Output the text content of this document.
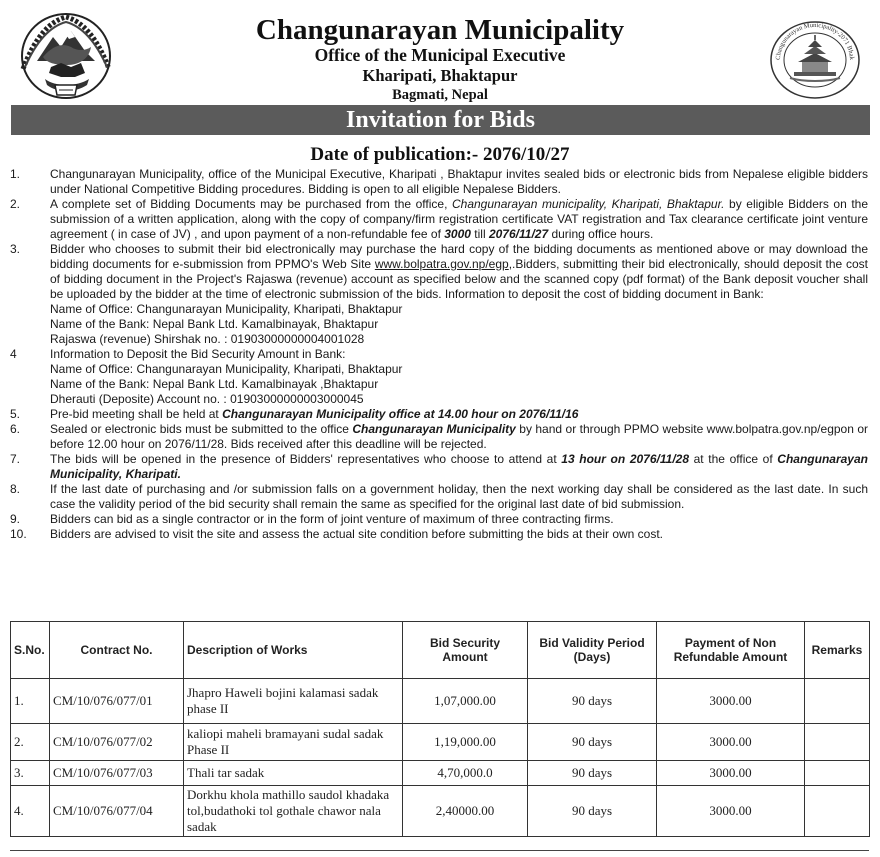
Changunarayan Municipality
Office of the Municipal Executive
Kharipati, Bhaktapur
Bagmati, Nepal
Changunarayan Municipality-2071 Bhak
Invitation for Bids
Date of publication:- 2076/10/27
1.	Changunarayan Municipality, office of the Municipal Executive, Kharipati , Bhaktapur invites sealed bids or electronic bids from Nepalese eligible bidders under National Competitive Bidding procedures. Bidding is open to all eligible Nepalese Bidders.
2.	A complete set of Bidding Documents may be purchased from the office, Changunarayan municipality, Kharipati, Bhaktapur. by eligible Bidders on the submission of a written application, along with the copy of company/firm registration certificate VAT registration and Tax clearance certificate joint venture agreement ( in case of JV) , and upon payment of a non-refundable fee of 3000 till 2076/11/27 during office hours.
3.	Bidder who chooses to submit their bid electronically may purchase the hard copy of the bidding documents as mentioned above or may download the bidding documents for e-submission from PPMO's Web Site www.bolpatra.gov.np/egp,.Bidders, submitting their bid electronically, should deposit the cost of bidding document in the Project's Rajaswa (revenue) account as specified below and the scanned copy (pdf format) of the Bank deposit voucher shall be uploaded by the bidder at the time of electronic submission of the bids. Information to deposit the cost of bidding document in Bank:
Name of Office: Changunarayan Municipality, Kharipati, Bhaktapur
Name of the Bank: Nepal Bank Ltd. Kamalbinayak, Bhaktapur
Rajaswa (revenue) Shirshak no. : 01903000000004001028
4	Information to Deposit the Bid Security Amount in Bank:
Name of Office: Changunarayan Municipality, Kharipati, Bhaktapur
Name of the Bank: Nepal Bank Ltd. Kamalbinayak ,Bhaktapur
Dherauti (Deposite) Account no. : 01903000000003000045
5.	Pre-bid meeting shall be held at Changunarayan Municipality office at 14.00 hour on 2076/11/16
6.	Sealed or electronic bids must be submitted to the office Changunarayan Municipality by hand or through PPMO website www.bolpatra.gov.np/egpon or before 12.00 hour on 2076/11/28. Bids received after this deadline will be rejected.
7.	The bids will be opened in the presence of Bidders' representatives who choose to attend at 13 hour on 2076/11/28 at the office of Changunarayan Municipality, Kharipati.
8.	If the last date of purchasing and /or submission falls on a government holiday, then the next working day shall be considered as the last date. In such case the validity period of the bid security shall remain the same as specified for the original last date of bid submission.
9.	Bidders can bid as a single contractor or in the form of joint venture of maximum of three contracting firms.
10.	Bidders are advised to visit the site and assess the actual site condition before submitting the bids at their own cost.
S.No.	Contract No.	Description of Works	Bid Security Amount	Bid Validity Period (Days)	Payment of Non Refundable Amount	Remarks
1.	CM/10/076/077/01	Jhapro Haweli bojini kalamasi sadak phase II	1,07,000.00	90 days	3000.00	
2.	CM/10/076/077/02	kaliopi maheli bramayani sudal sadak Phase II	1,19,000.00	90 days	3000.00	
3.	CM/10/076/077/03	Thali tar sadak	4,70,000.0	90 days	3000.00	
4.	CM/10/076/077/04	Dorkhu khola mathillo saudol khadaka tol,budathoki tol gothale chawor nala sadak	2,40000.00	90 days	3000.00	
